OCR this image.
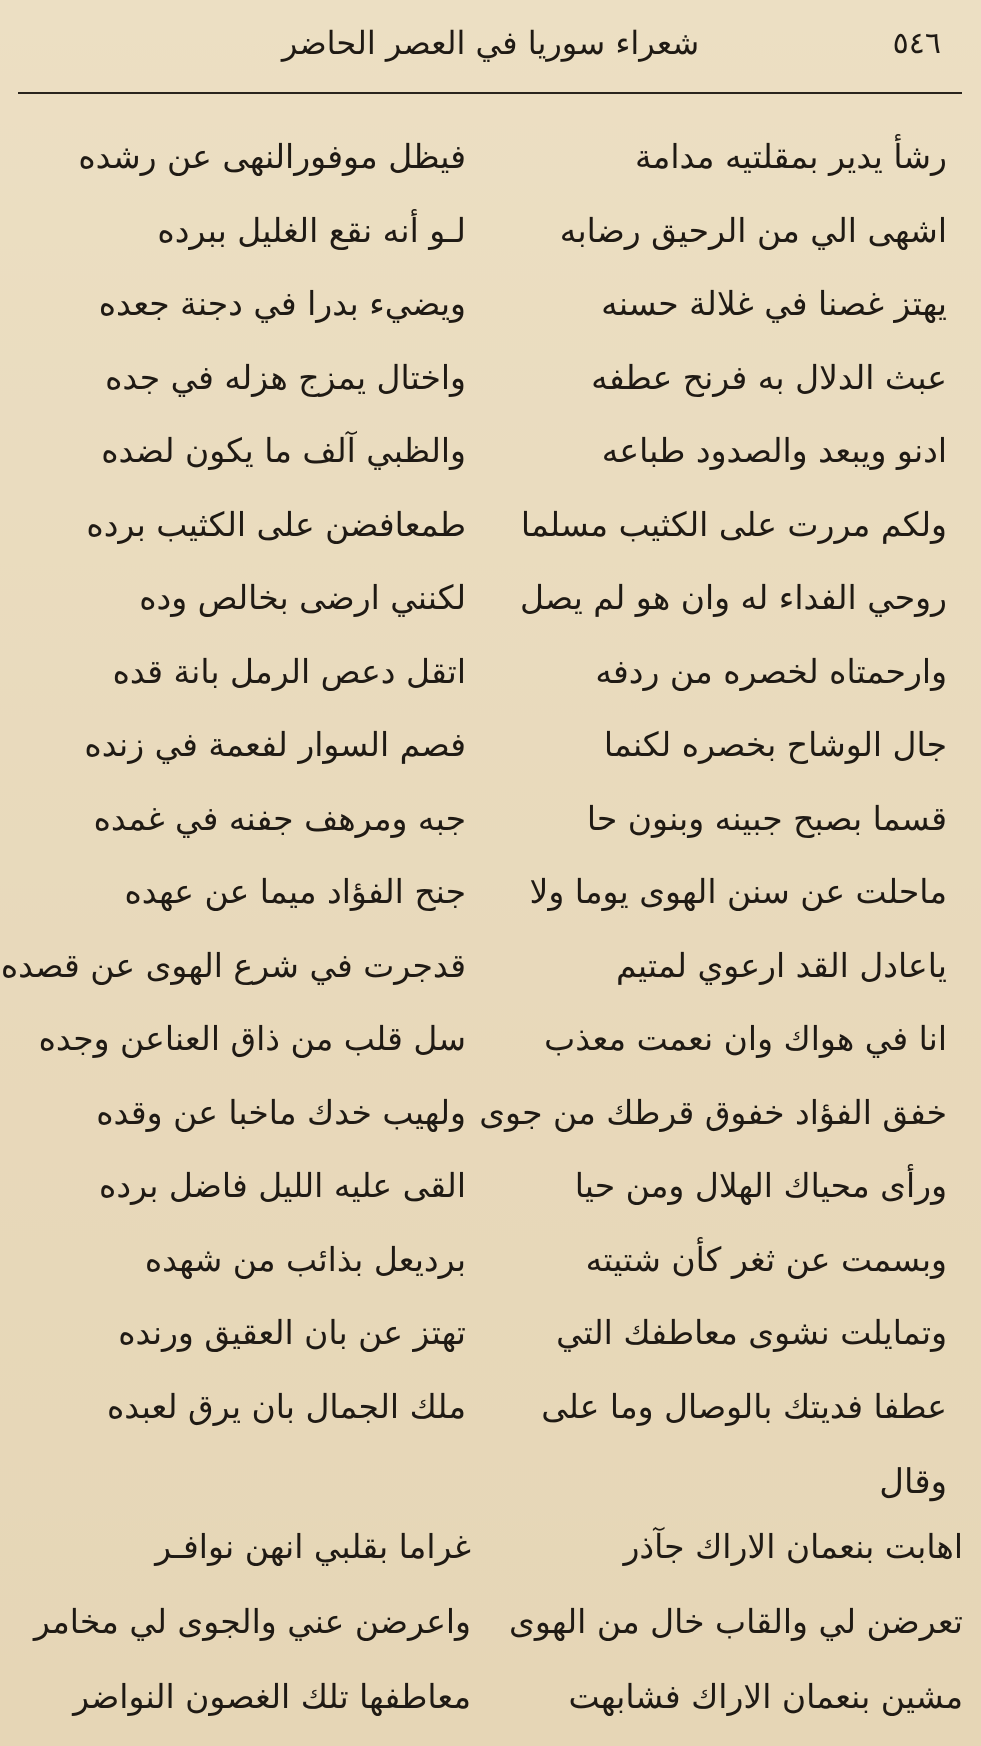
٥٤٦
شعراء سوريا في العصر الحاضر
رشأ يدير بمقلتيه مدامة
اشهى الي من الرحيق رضابه
يهتز غصنا في غلالة حسنه
عبث الدلال به فرنح عطفه
ادنو ويبعد والصدود طباعه
ولكم مررت على الكثيب مسلما
روحي الفداء له وان هو لم يصل
وارحمتاه لخصره من ردفه
جال الوشاح بخصره لكنما
قسما بصبح جبينه وبنون حا
ماحلت عن سنن الهوى يوما ولا
ياعادل القد ارعوي لمتيم
انا في هواك وان نعمت معذب
خفق الفؤاد خفوق قرطك من جوى
ورأى محياك الهلال ومن حيا
وبسمت عن ثغر كأن شتيته
وتمايلت نشوى معاطفك التي
عطفا فديتك بالوصال وما على
فيظل موفورالنهى عن رشده
لـو أنه نقع الغليل ببرده
ويضيء بدرا في دجنة جعده
واختال يمزج هزله في جده
والظبي آلف ما يكون لضده
طمعافضن على الكثيب برده
لكنني ارضى بخالص وده
اتقل دعص الرمل بانة قده
فصم السوار لفعمة في زنده
جبه ومرهف جفنه في غمده
جنح الفؤاد ميما عن عهده
قدجرت في شرع الهوى عن قصده
سل قلب من ذاق العناعن وجده
ولهيب خدك ماخبا عن وقده
القى عليه الليل فاضل برده
برديعل بذائب من شهده
تهتز عن بان العقيق ورنده
ملك الجمال بان يرق لعبده
وقال
اهابت بنعمان الاراك جآذر
تعرضن لي والقاب خال من الهوى
مشين بنعمان الاراك فشابهت
غراما بقلبي انهن نوافـر
واعرضن عني والجوى لي مخامر
معاطفها تلك الغصون النواضر
